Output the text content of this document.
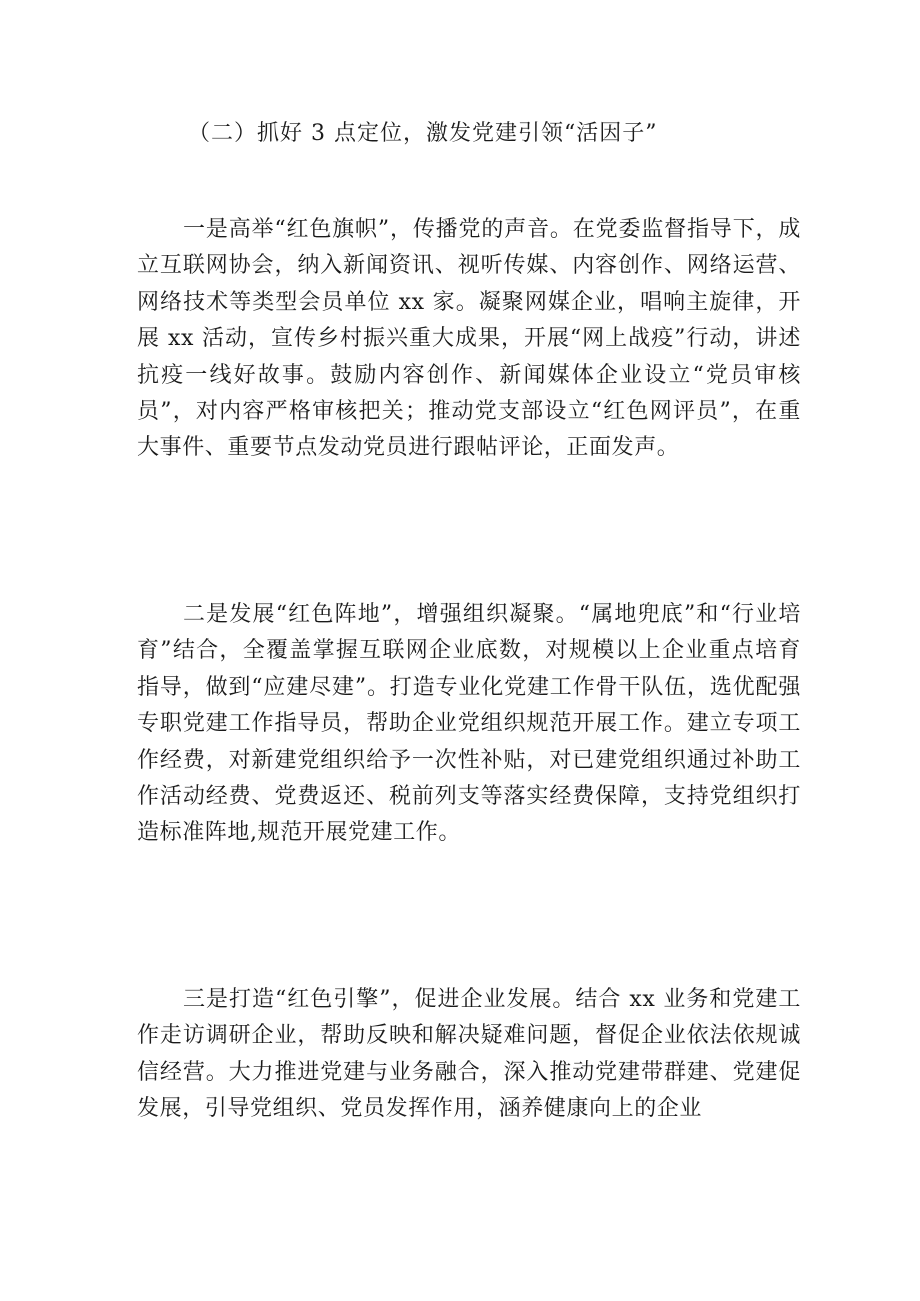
（二）抓好 3 点定位，激发党建引领“活因子”

一是高举“红色旗帜”，传播党的声音。在党委监督指导下，成立互联网协会，纳入新闻资讯、视听传媒、内容创作、网络运营、网络技术等类型会员单位 xx 家。凝聚网媒企业，唱响主旋律，开展 xx 活动，宣传乡村振兴重大成果，开展“网上战疫”行动，讲述抗疫一线好故事。鼓励内容创作、新闻媒体企业设立“党员审核员”，对内容严格审核把关；推动党支部设立“红色网评员”，在重大事件、重要节点发动党员进行跟帖评论，正面发声。

二是发展“红色阵地”，增强组织凝聚。“属地兜底”和“行业培育”结合，全覆盖掌握互联网企业底数，对规模以上企业重点培育指导，做到“应建尽建”。打造专业化党建工作骨干队伍，选优配强专职党建工作指导员，帮助企业党组织规范开展工作。建立专项工作经费，对新建党组织给予一次性补贴，对已建党组织通过补助工作活动经费、党费返还、税前列支等落实经费保障，支持党组织打造标准阵地,规范开展党建工作。

三是打造“红色引擎”，促进企业发展。结合 xx 业务和党建工作走访调研企业，帮助反映和解决疑难问题，督促企业依法依规诚信经营。大力推进党建与业务融合，深入推动党建带群建、党建促发展，引导党组织、党员发挥作用，涵养健康向上的企业
